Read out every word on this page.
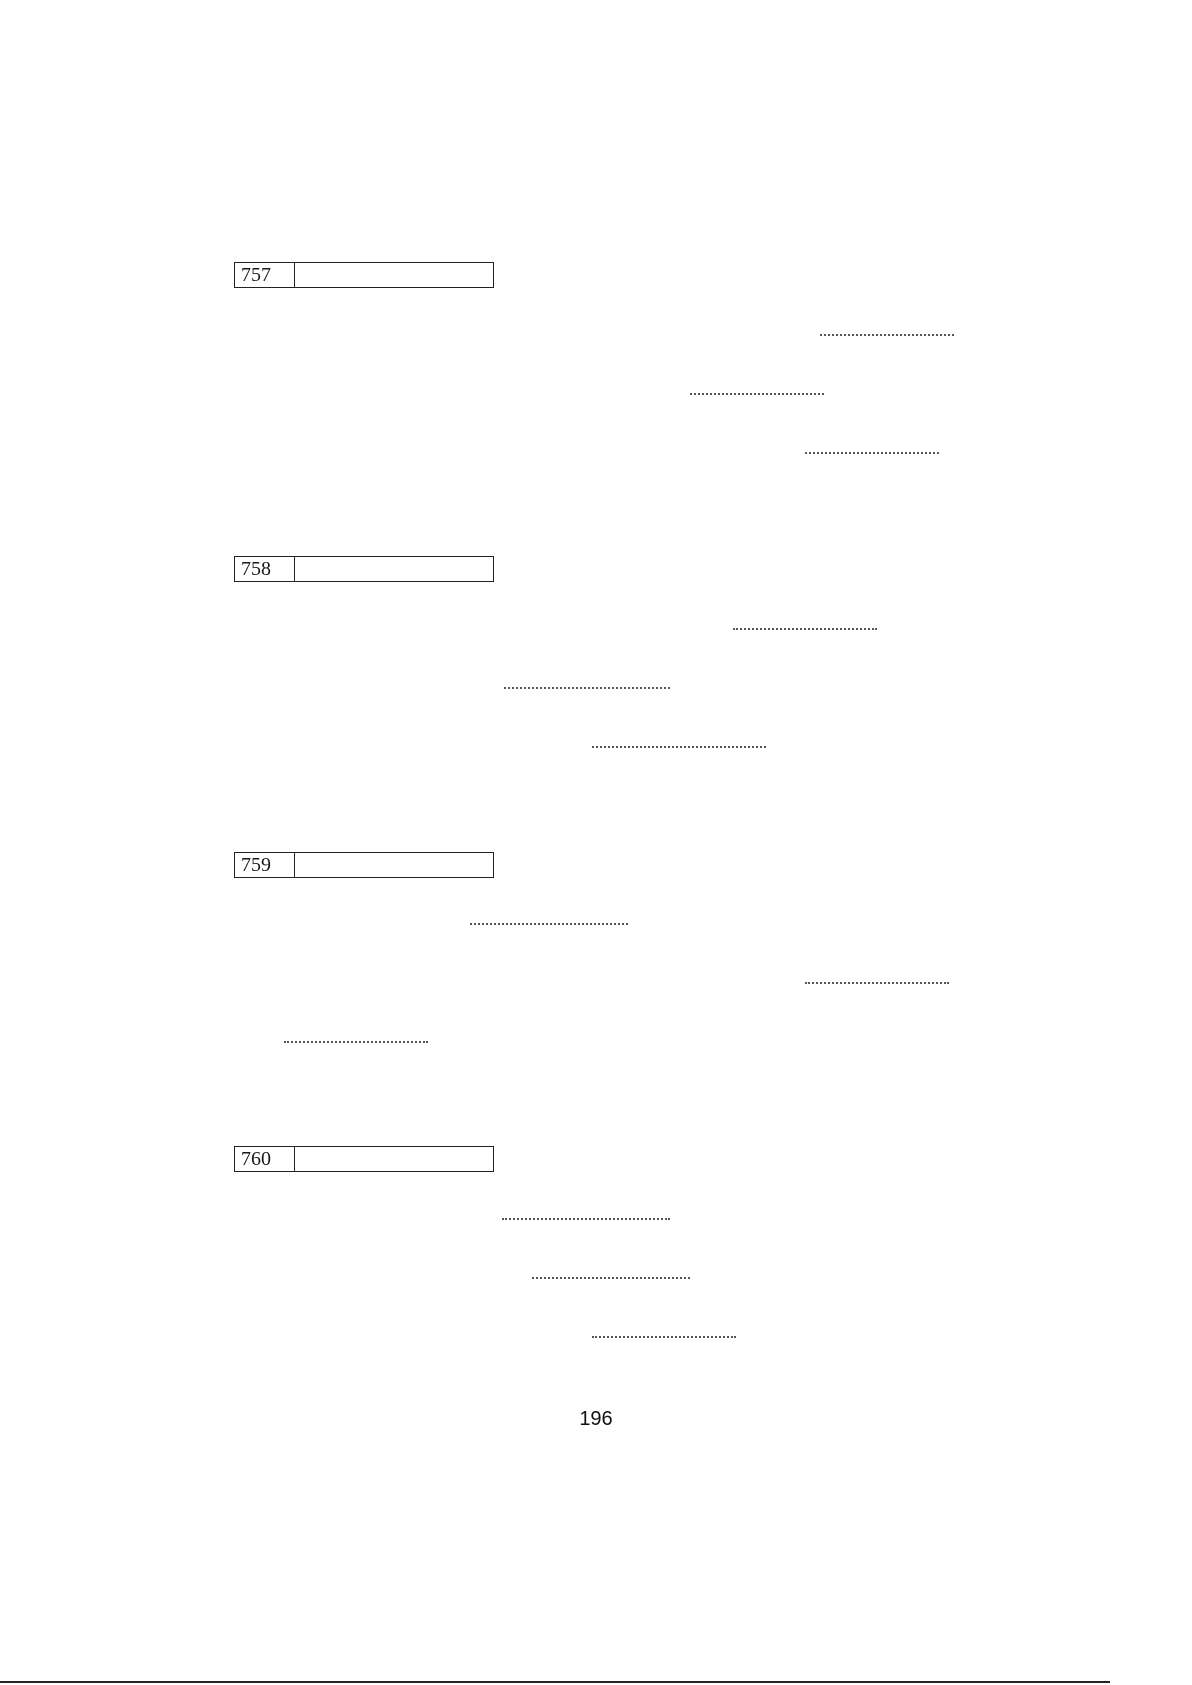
757
758
759
760
196
